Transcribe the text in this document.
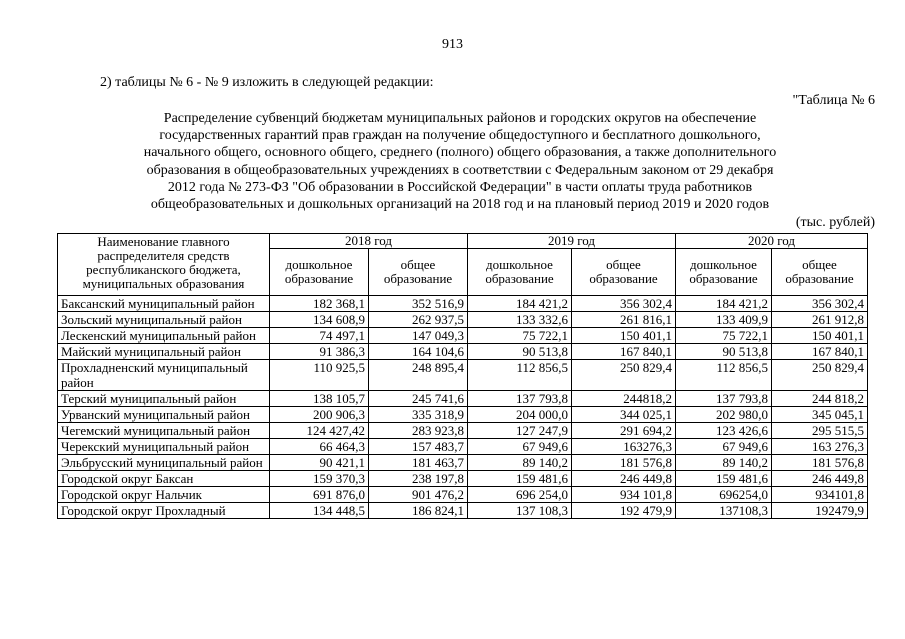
913
2) таблицы № 6 - № 9 изложить в следующей редакции:
"Таблица № 6
Распределение субвенций бюджетам муниципальных районов и городских округов на обеспечение
государственных гарантий прав граждан на получение общедоступного и бесплатного дошкольного,
начального общего, основного общего, среднего (полного) общего образования, а также дополнительного
образования в общеобразовательных учреждениях в соответствии с Федеральным законом от 29 декабря
2012 года № 273-ФЗ "Об образовании в Российской Федерации" в части оплаты труда работников
общеобразовательных и дошкольных организаций на 2018 год и на плановый период 2019 и 2020 годов
(тыс. рублей)
Наименование главного распределителя средств республиканского бюджета, муниципальных образования	2018 год		2019 год		2020 год	
	дошкольное образование	общее образование	дошкольное образование	общее образование	дошкольное образование	общее образование
Баксанский муниципальный район	182 368,1	352 516,9	184 421,2	356 302,4	184 421,2	356 302,4
Зольский муниципальный район	134 608,9	262 937,5	133 332,6	261 816,1	133 409,9	261 912,8
Лескенский муниципальный район	74 497,1	147 049,3	75 722,1	150 401,1	75 722,1	150 401,1
Майский муниципальный район	91 386,3	164 104,6	90 513,8	167 840,1	90 513,8	167 840,1
Прохладненский муниципальный район	110 925,5	248 895,4	112 856,5	250 829,4	112 856,5	250 829,4
Терский муниципальный район	138 105,7	245 741,6	137 793,8	244818,2	137 793,8	244 818,2
Урванский муниципальный район	200 906,3	335 318,9	204 000,0	344 025,1	202 980,0	345 045,1
Чегемский муниципальный район	124 427,42	283 923,8	127 247,9	291 694,2	123 426,6	295 515,5
Черекский муниципальный район	66 464,3	157 483,7	67 949,6	163276,3	67 949,6	163 276,3
Эльбрусский муниципальный район	90 421,1	181 463,7	89 140,2	181 576,8	89 140,2	181 576,8
Городской округ Баксан	159 370,3	238 197,8	159 481,6	246 449,8	159 481,6	246 449,8
Городской округ Нальчик	691 876,0	901 476,2	696 254,0	934 101,8	696254,0	934101,8
Городской округ Прохладный	134 448,5	186 824,1	137 108,3	192 479,9	137108,3	192479,9
